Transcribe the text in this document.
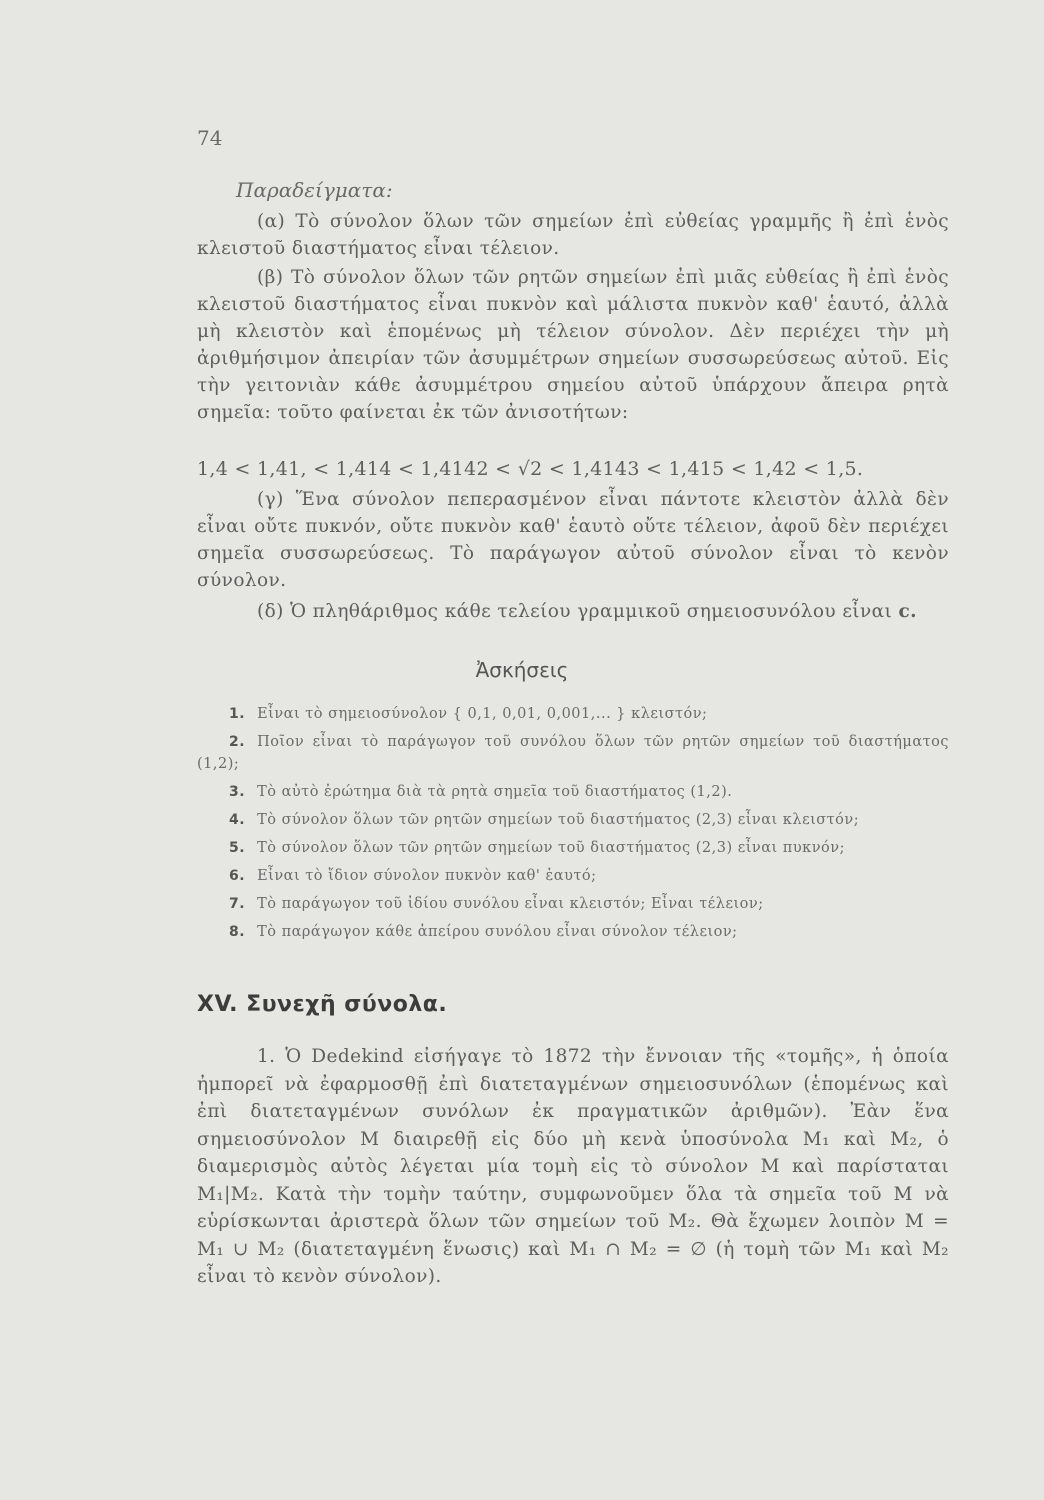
74
Παραδείγματα:

(α) Τὸ σύνολον ὅλων τῶν σημείων ἐπὶ εὐθείας γραμμῆς ἢ ἐπὶ ἑνὸς κλειστοῦ διαστήματος εἶναι τέλειον.

(β) Τὸ σύνολον ὅλων τῶν ρητῶν σημείων ἐπὶ μιᾶς εὐθείας ἢ ἐπὶ ἑνὸς κλειστοῦ διαστήματος εἶναι πυκνὸν καὶ μάλιστα πυκνὸν καθ' ἑαυτό, ἀλλὰ μὴ κλειστὸν καὶ ἑπομένως μὴ τέλειον σύνολον. Δὲν περιέχει τὴν μὴ ἀριθμήσιμον ἀπειρίαν τῶν ἀσυμμέτρων σημείων συσσωρεύσεως αὐτοῦ. Εἰς τὴν γειτονιὰν κάθε ἀσυμμέτρου σημείου αὐτοῦ ὑπάρχουν ἄπειρα ρητὰ σημεῖα: τοῦτο φαίνεται ἐκ τῶν ἀνισοτήτων:

1,4 < 1,41, < 1,414 < 1,4142 < √2 < 1,4143 < 1,415 < 1,42 < 1,5.

(γ) Ἕνα σύνολον πεπερασμένον εἶναι πάντοτε κλειστὸν ἀλλὰ δὲν εἶναι οὔτε πυκνόν, οὔτε πυκνὸν καθ' ἑαυτὸ οὔτε τέλειον, ἀφοῦ δὲν περιέχει σημεῖα συσσωρεύσεως. Τὸ παράγωγον αὐτοῦ σύνολον εἶναι τὸ κενὸν σύνολον.

(δ) Ὁ πληθάριθμος κάθε τελείου γραμμικοῦ σημειοσυνόλου εἶναι c.

Ἀσκήσεις

1. Εἶναι τὸ σημειοσύνολον { 0,1, 0,01, 0,001,... } κλειστόν;

2. Ποῖον εἶναι τὸ παράγωγον τοῦ συνόλου ὅλων τῶν ρητῶν σημείων τοῦ διαστήματος (1,2);

3. Τὸ αὐτὸ ἐρώτημα διὰ τὰ ρητὰ σημεῖα τοῦ διαστήματος (1,2).

4. Τὸ σύνολον ὅλων τῶν ρητῶν σημείων τοῦ διαστήματος (2,3) εἶναι κλειστόν;

5. Τὸ σύνολον ὅλων τῶν ρητῶν σημείων τοῦ διαστήματος (2,3) εἶναι πυκνόν;

6. Εἶναι τὸ ἴδιον σύνολον πυκνὸν καθ' ἑαυτό;

7. Τὸ παράγωγον τοῦ ἰδίου συνόλου εἶναι κλειστόν; Εἶναι τέλειον;

8. Τὸ παράγωγον κάθε ἀπείρου συνόλου εἶναι σύνολον τέλειον;

XV. Συνεχῆ σύνολα.

1. Ὁ Dedekind εἰσήγαγε τὸ 1872 τὴν ἔννοιαν τῆς «τομῆς», ἡ ὁποία ἠμπορεῖ νὰ ἐφαρμοσθῇ ἐπὶ διατεταγμένων σημειοσυνόλων (ἑπομένως καὶ ἐπὶ διατεταγμένων συνόλων ἐκ πραγματικῶν ἀριθμῶν). Ἐὰν ἕνα σημειοσύνολον M διαιρεθῇ εἰς δύο μὴ κενὰ ὑποσύνολα M₁ καὶ M₂, ὁ διαμερισμὸς αὐτὸς λέγεται μία τομὴ εἰς τὸ σύνολον M καὶ παρίσταται M₁|M₂. Κατὰ τὴν τομὴν ταύτην, συμφωνοῦμεν ὅλα τὰ σημεῖα τοῦ M νὰ εὑρίσκωνται ἀριστερὰ ὅλων τῶν σημείων τοῦ M₂. Θὰ ἔχωμεν λοιπὸν M = M₁ ∪ M₂ (διατεταγμένη ἕνωσις) καὶ M₁ ∩ M₂ = ∅ (ἡ τομὴ τῶν M₁ καὶ M₂ εἶναι τὸ κενὸν σύνολον).
